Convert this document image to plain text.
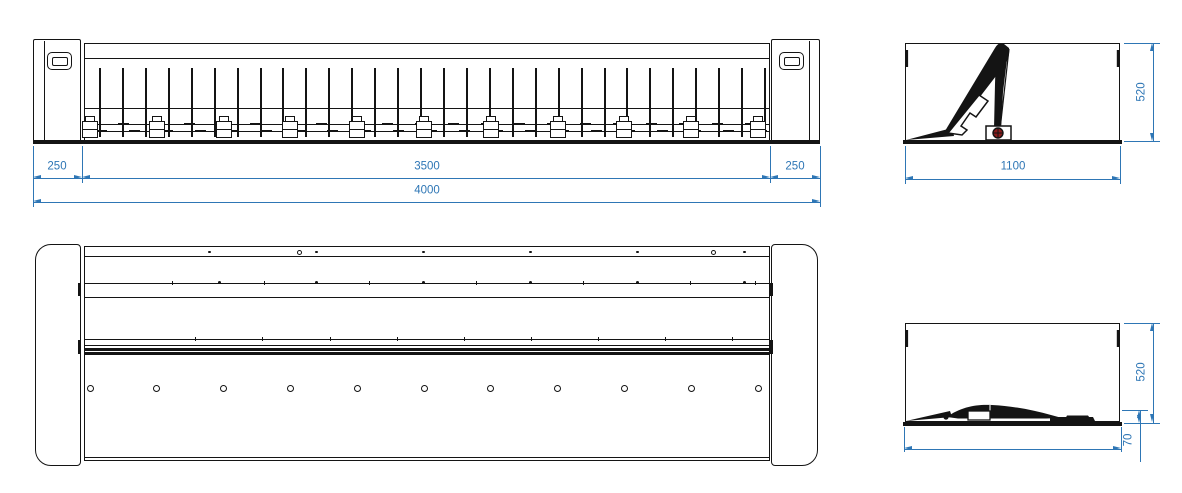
250	3500	250
4000
1100
520
520
70
